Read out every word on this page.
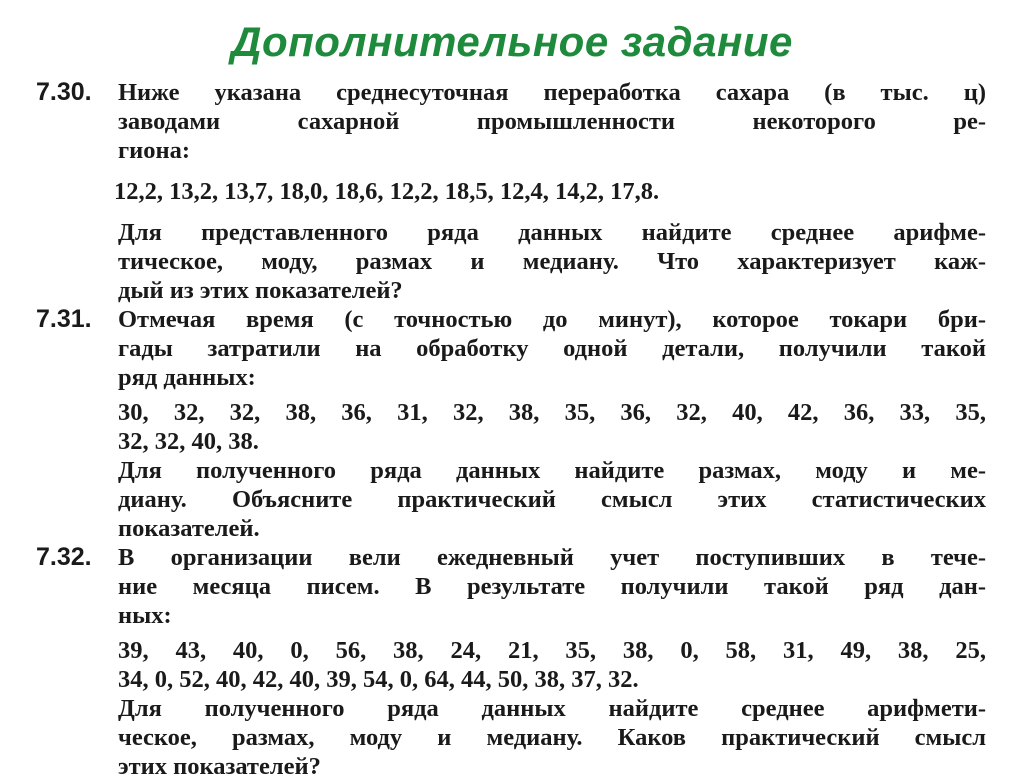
Дополнительное задание
7.30. Ниже указана среднесуточная переработка сахара (в тыс. ц)
заводами сахарной промышленности некоторого ре-
гиона:
12,2, 13,2, 13,7, 18,0, 18,6, 12,2, 18,5, 12,4, 14,2, 17,8.
Для представленного ряда данных найдите среднее арифме-
тическое, моду, размах и медиану. Что характеризует каж-
дый из этих показателей?
7.31. Отмечая время (с точностью до минут), которое токари бри-
гады затратили на обработку одной детали, получили такой
ряд данных:
30, 32, 32, 38, 36, 31, 32, 38, 35, 36, 32, 40, 42, 36, 33, 35,
32, 32, 40, 38.
Для полученного ряда данных найдите размах, моду и ме-
диану. Объясните практический смысл этих статистических
показателей.
7.32. В организации вели ежедневный учет поступивших в тече-
ние месяца писем. В результате получили такой ряд дан-
ных:
39, 43, 40, 0, 56, 38, 24, 21, 35, 38, 0, 58, 31, 49, 38, 25,
34, 0, 52, 40, 42, 40, 39, 54, 0, 64, 44, 50, 38, 37, 32.
Для полученного ряда данных найдите среднее арифмети-
ческое, размах, моду и медиану. Каков практический смысл
этих показателей?
